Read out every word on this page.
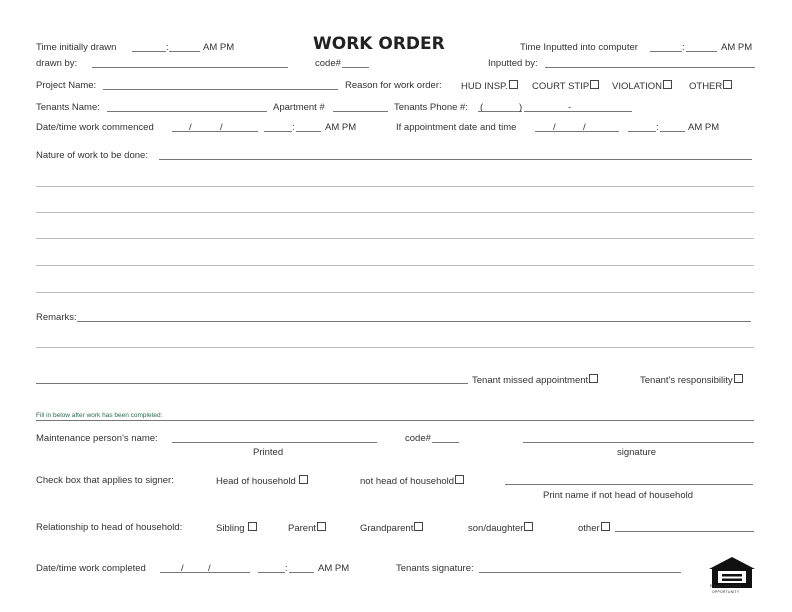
WORK ORDER
Time initially drawn	:	AM PM	Time Inputted into computer	:	AM PM
drawn by:	code#	Inputted by:
Project Name:	Reason for work order: HUD INSP.	COURT STIP	VIOLATION	OTHER
Tenants Name:	Apartment #	Tenants Phone #: (	)	-
Date/time work commenced	/	/	:	AM PM	If appointment date and time	/	/	:	AM PM
Nature of work to be done:
Remarks:
Tenant missed appointment	Tenant's responsibility
Fill in below after work has been completed:
Maintenance person's name:	code#
Printed	signature
Check box that applies to signer:	Head of household	not head of household
Print name if not head of household
Relationship to head of household:	Sibling	Parent	Grandparent	son/daughter	other
Date/time work completed	/	/	:	AM PM	Tenants signature:
EQUAL HOUSING
OPPORTUNITY
